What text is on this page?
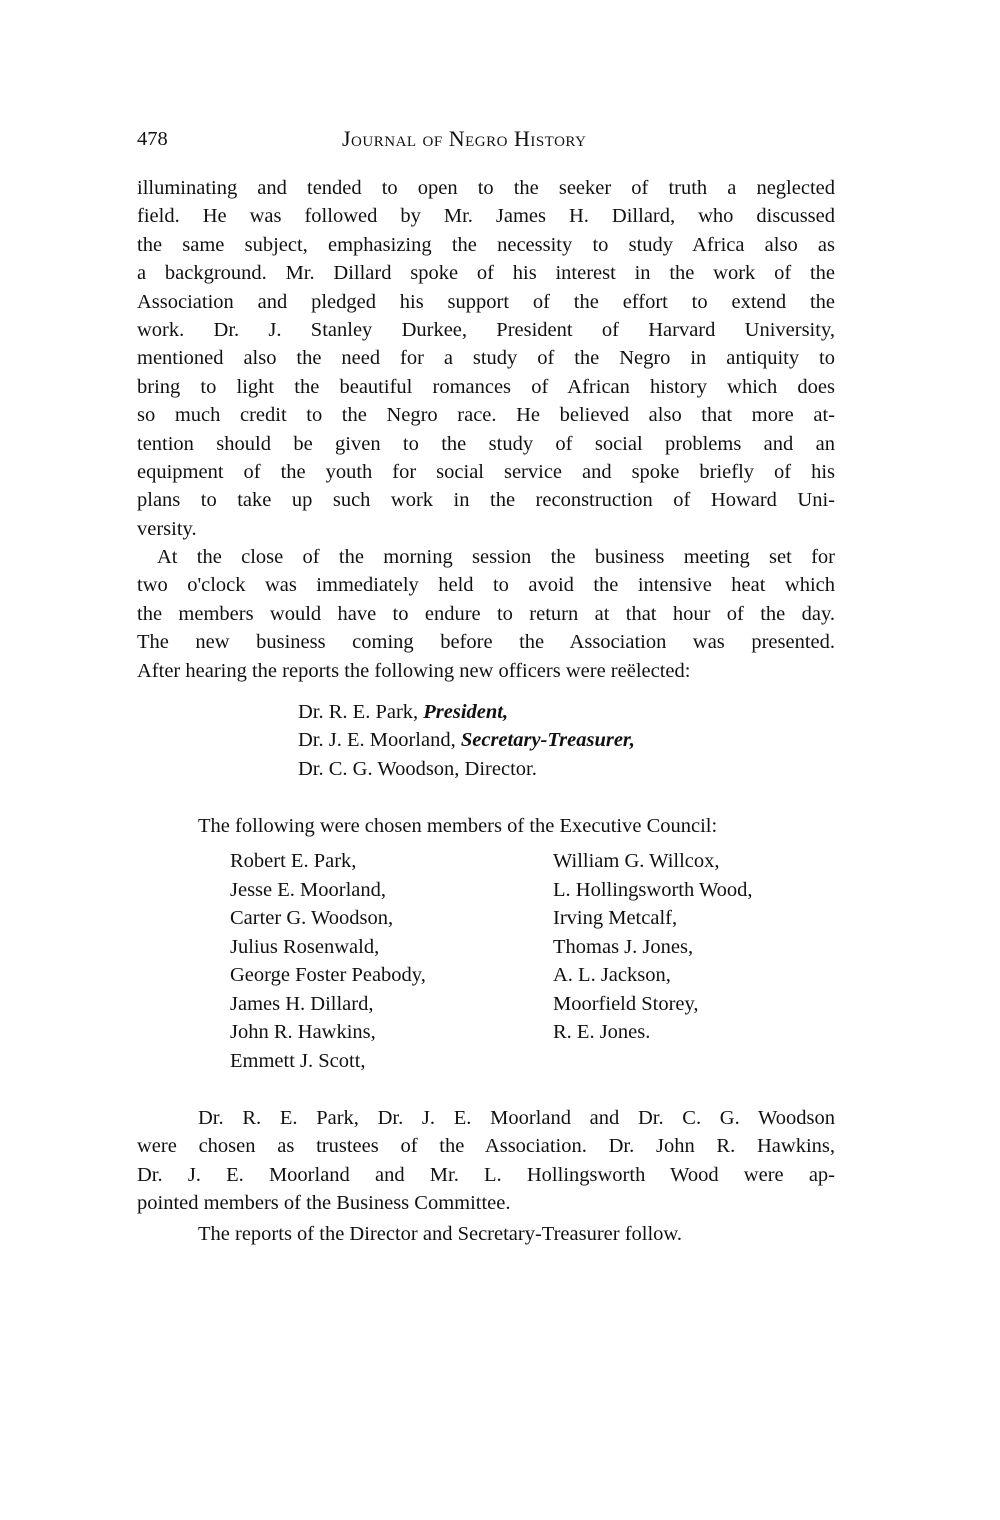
478	Journal of Negro History
illuminating and tended to open to the seeker of truth a neglected
field. He was followed by Mr. James H. Dillard, who discussed
the same subject, emphasizing the necessity to study Africa also as
a background. Mr. Dillard spoke of his interest in the work of the
Association and pledged his support of the effort to extend the
work. Dr. J. Stanley Durkee, President of Harvard University,
mentioned also the need for a study of the Negro in antiquity to
bring to light the beautiful romances of African history which does
so much credit to the Negro race. He believed also that more at-
tention should be given to the study of social problems and an
equipment of the youth for social service and spoke briefly of his
plans to take up such work in the reconstruction of Howard Uni-
versity.
At the close of the morning session the business meeting set for
two o'clock was immediately held to avoid the intensive heat which
the members would have to endure to return at that hour of the day.
The new business coming before the Association was presented.
After hearing the reports the following new officers were reëlected:
Dr. R. E. Park, President,
Dr. J. E. Moorland, Secretary-Treasurer,
Dr. C. G. Woodson, Director.
The following were chosen members of the Executive Council:
Robert E. Park,
Jesse E. Moorland,
Carter G. Woodson,
Julius Rosenwald,
George Foster Peabody,
James H. Dillard,
John R. Hawkins,
Emmett J. Scott,
William G. Willcox,
L. Hollingsworth Wood,
Irving Metcalf,
Thomas J. Jones,
A. L. Jackson,
Moorfield Storey,
R. E. Jones.
Dr. R. E. Park, Dr. J. E. Moorland and Dr. C. G. Woodson
were chosen as trustees of the Association. Dr. John R. Hawkins,
Dr. J. E. Moorland and Mr. L. Hollingsworth Wood were ap-
pointed members of the Business Committee.
The reports of the Director and Secretary-Treasurer follow.
